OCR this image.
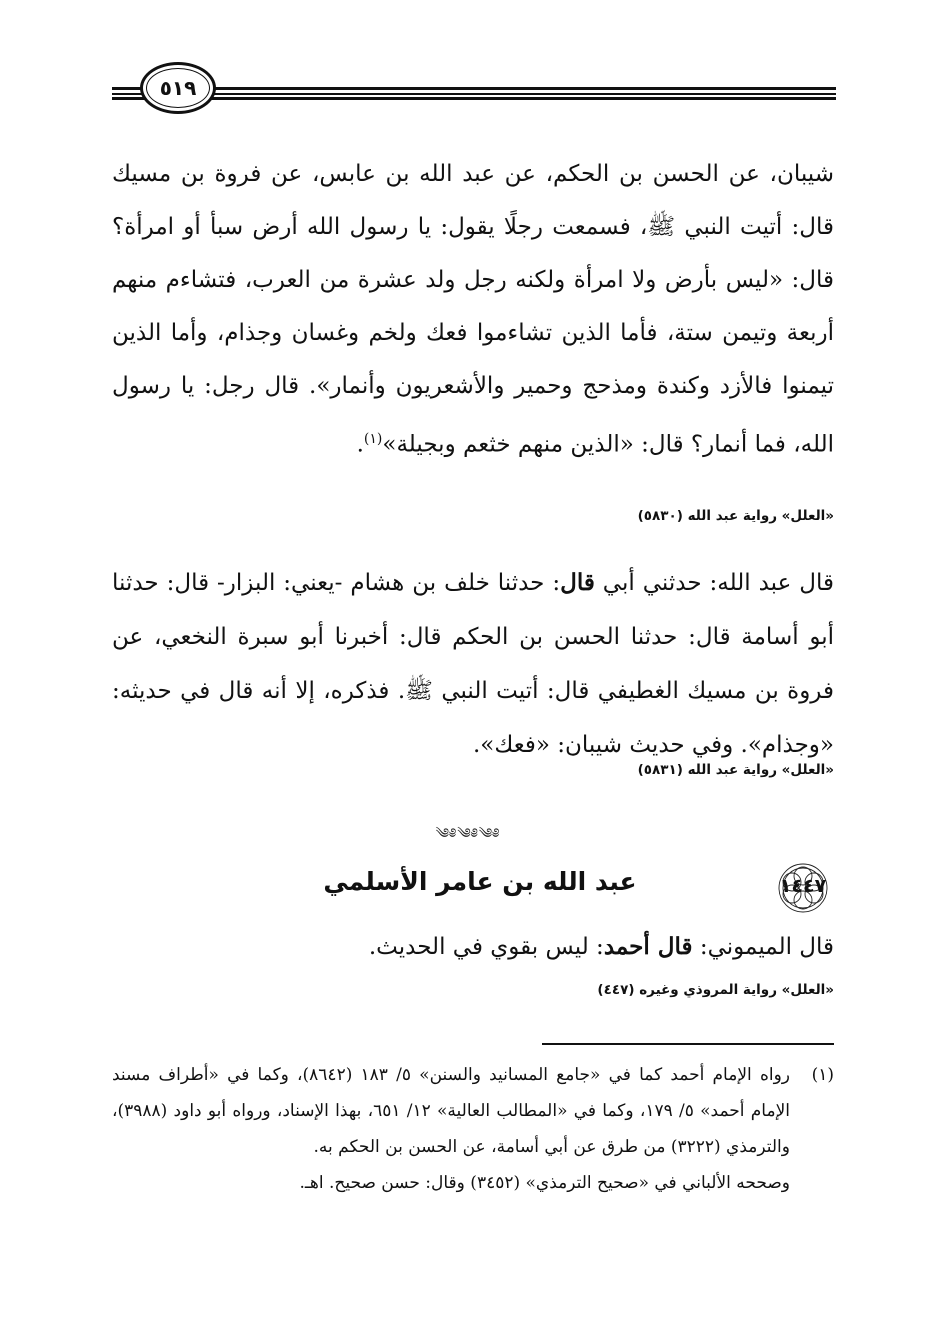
٥١٩

شيبان، عن الحسن بن الحكم، عن عبد الله بن عابس، عن فروة بن مسيك قال: أتيت النبي ﷺ، فسمعت رجلًا يقول: يا رسول الله أرض سبأ أو امرأة؟ قال: «ليس بأرض ولا امرأة ولكنه رجل ولد عشرة من العرب، فتشاءم منهم أربعة وتيمن ستة، فأما الذين تشاءموا فعك ولخم وغسان وجذام، وأما الذين تيمنوا فالأزد وكندة ومذحج وحمير والأشعريون وأنمار». قال رجل: يا رسول الله، فما أنمار؟ قال: «الذين منهم خثعم وبجيلة»$^{(١)}$.

«العلل» رواية عبد الله (٥٨٣٠)

قال عبد الله: حدثني أبي قال: حدثنا خلف بن هشام -يعني: البزار- قال: حدثنا أبو أسامة قال: حدثنا الحسن بن الحكم قال: أخبرنا أبو سبرة النخعي، عن فروة بن مسيك الغطيفي قال: أتيت النبي ﷺ. فذكره، إلا أنه قال في حديثه: «وجذام». وفي حديث شيبان: «فعك».

«العلل» رواية عبد الله (٥٨٣١)
༄༅༄༅༄༅
١٤٤٧
عبد الله بن عامر الأسلمي
قال الميموني: قال أحمد: ليس بقوي في الحديث.
«العلل» رواية المروذي وغيره (٤٤٧)
(١)
رواه الإمام أحمد كما في «جامع المسانيد والسنن» ٥/ ١٨٣ (٨٦٤٢)، وكما في «أطراف مسند الإمام أحمد» ٥/ ١٧٩، وكما في «المطالب العالية» ١٢/ ٦٥١، بهذا الإسناد، ورواه أبو داود (٣٩٨٨)، والترمذي (٣٢٢٢) من طرق عن أبي أسامة، عن الحسن بن الحكم به.

وصححه الألباني في «صحيح الترمذي» (٣٤٥٢) وقال: حسن صحيح. اهـ.
